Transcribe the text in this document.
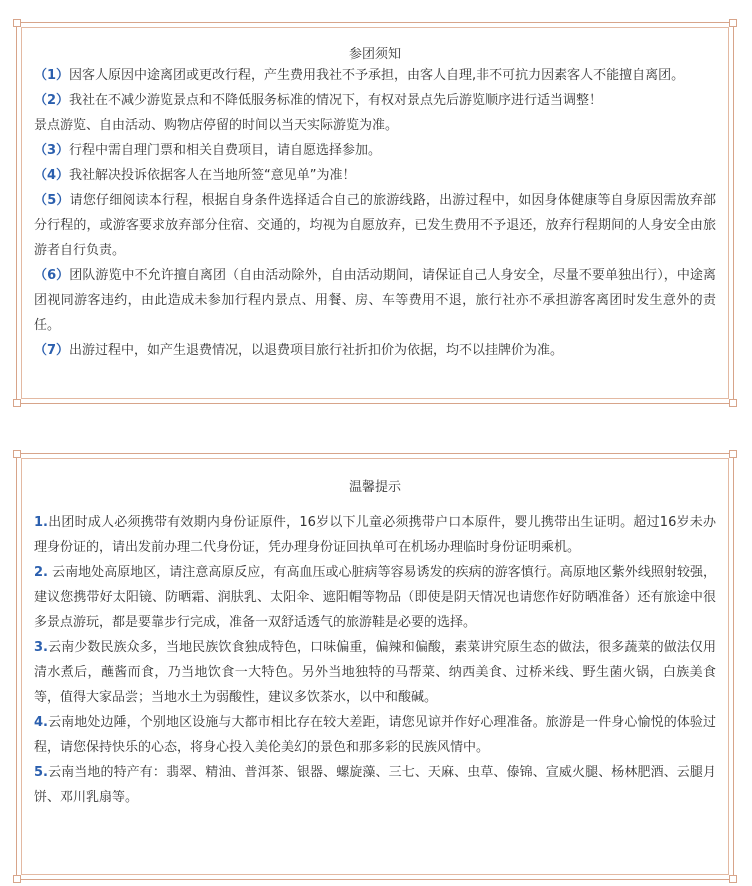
参团须知

（1）因客人原因中途离团或更改行程，产生费用我社不予承担，由客人自理,非不可抗力因素客人不能擅自离团。

（2）我社在不减少游览景点和不降低服务标准的情况下，有权对景点先后游览顺序进行适当调整！

景点游览、自由活动、购物店停留的时间以当天实际游览为准。

（3）行程中需自理门票和相关自费项目，请自愿选择参加。

（4）我社解决投诉依据客人在当地所签“意见单”为准！

（5）请您仔细阅读本行程，根据自身条件选择适合自己的旅游线路，出游过程中，如因身体健康等自身原因需放弃部分行程的，或游客要求放弃部分住宿、交通的，均视为自愿放弃，已发生费用不予退还，放弃行程期间的人身安全由旅游者自行负责。

（6）团队游览中不允许擅自离团（自由活动除外，自由活动期间，请保证自己人身安全，尽量不要单独出行），中途离团视同游客违约，由此造成未参加行程内景点、用餐、房、车等费用不退，旅行社亦不承担游客离团时发生意外的责任。

（7）出游过程中，如产生退费情况，以退费项目旅行社折扣价为依据，均不以挂牌价为准。

温馨提示

1.出团时成人必须携带有效期内身份证原件，16岁以下儿童必须携带户口本原件，婴儿携带出生证明。超过16岁未办理身份证的，请出发前办理二代身份证，凭办理身份证回执单可在机场办理临时身份证明乘机。

2. 云南地处高原地区，请注意高原反应，有高血压或心脏病等容易诱发的疾病的游客慎行。高原地区紫外线照射较强，建议您携带好太阳镜、防晒霜、润肤乳、太阳伞、遮阳帽等物品（即使是阴天情况也请您作好防晒准备）还有旅途中很多景点游玩，都是要靠步行完成，准备一双舒适透气的旅游鞋是必要的选择。

3.云南少数民族众多，当地民族饮食独成特色，口味偏重，偏辣和偏酸，素菜讲究原生态的做法，很多蔬菜的做法仅用清水煮后，蘸酱而食，乃当地饮食一大特色。另外当地独特的马帮菜、纳西美食、过桥米线、野生菌火锅，白族美食等，值得大家品尝；当地水土为弱酸性，建议多饮茶水，以中和酸碱。

4.云南地处边陲，个别地区设施与大都市相比存在较大差距，请您见谅并作好心理准备。旅游是一件身心愉悦的体验过程，请您保持快乐的心态，将身心投入美伦美幻的景色和那多彩的民族风情中。

5.云南当地的特产有：翡翠、精油、普洱茶、银器、螺旋藻、三七、天麻、虫草、傣锦、宣威火腿、杨林肥酒、云腿月饼、邓川乳扇等。
